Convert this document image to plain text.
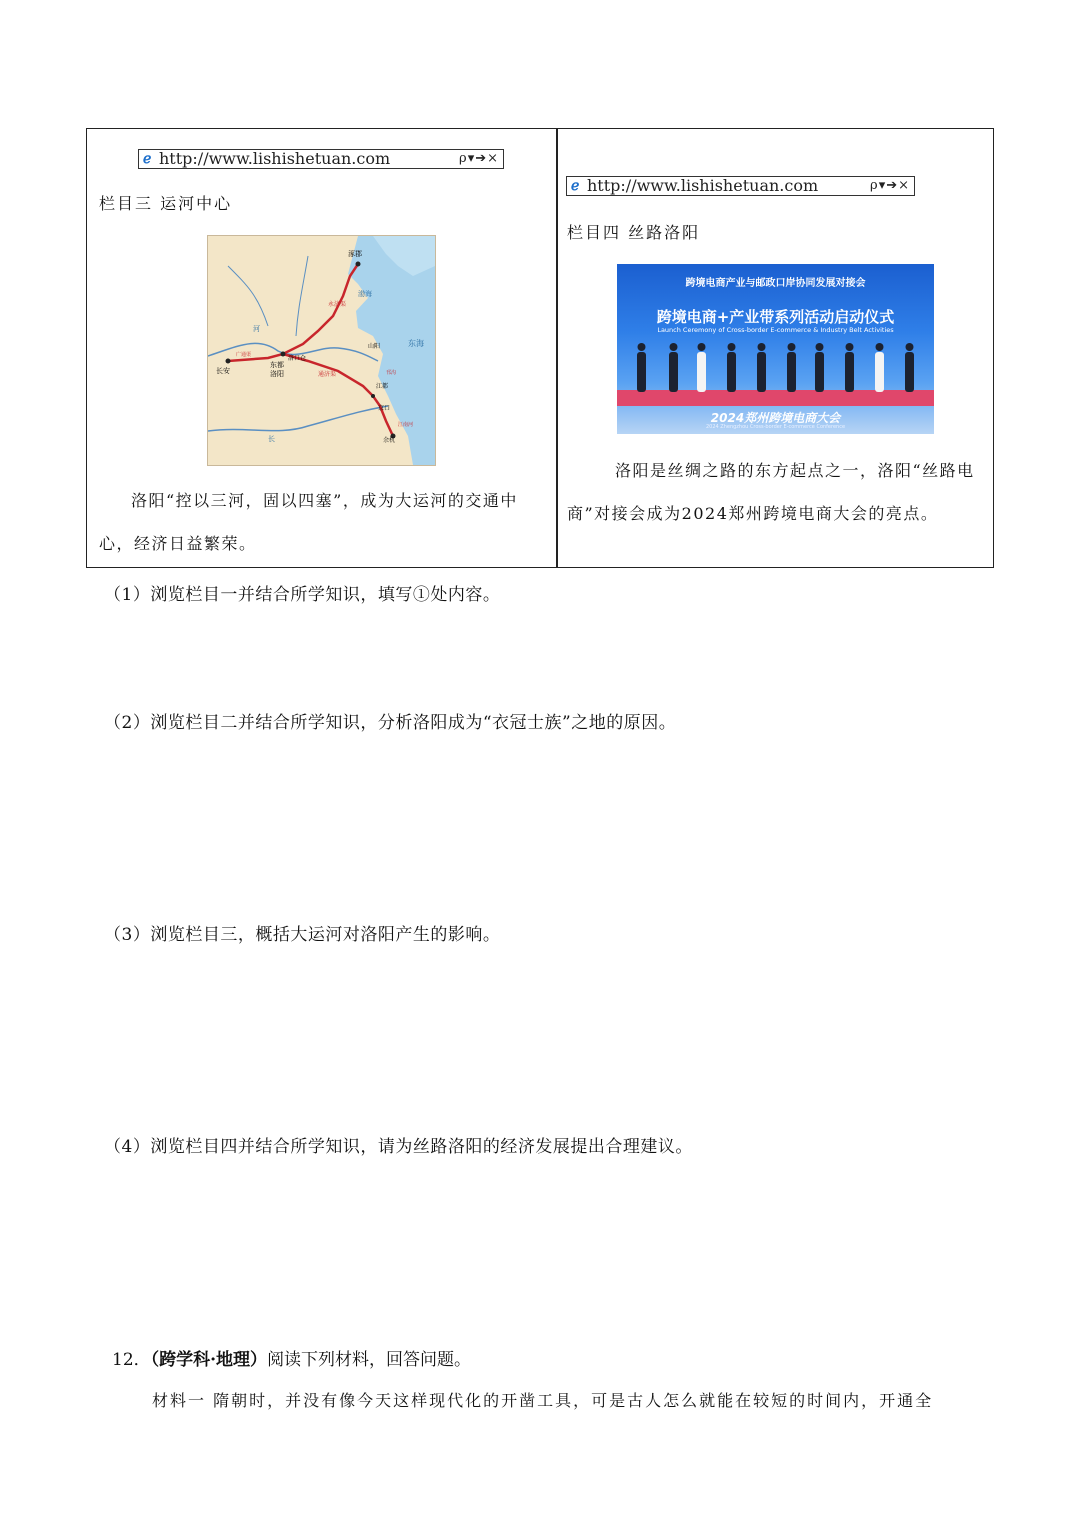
ℯ http://www.lishishetuan.com	ρ▾➔×
栏目三 运河中心
涿郡
长安
东都
洛阳
洛口仓
江都
京口
余杭
山阳
渤海
东海
河
长
永济渠
通济渠	邗沟
江南河
广通渠
洛阳“控以三河，固以四塞”，成为大运河的交通中心，经济日益繁荣。
ℯ http://www.lishishetuan.com	ρ▾➔×
栏目四 丝路洛阳
跨境电商产业与邮政口岸协同发展对接会
跨境电商+产业带系列活动启动仪式
Launch Ceremony of Cross-border E-commerce & Industry Belt Activities
2024郑州跨境电商大会
2024 Zhengzhou Cross-border E-commerce Conference
洛阳是丝绸之路的东方起点之一，洛阳“丝路电商”对接会成为2024郑州跨境电商大会的亮点。
（1）浏览栏目一并结合所学知识，填写①处内容。
（2）浏览栏目二并结合所学知识，分析洛阳成为“衣冠士族”之地的原因。
（3）浏览栏目三，概括大运河对洛阳产生的影响。
（4）浏览栏目四并结合所学知识，请为丝路洛阳的经济发展提出合理建议。
12．（跨学科·地理）阅读下列材料，回答问题。
材料一 隋朝时，并没有像今天这样现代化的开凿工具，可是古人怎么就能在较短的时间内，开通全
